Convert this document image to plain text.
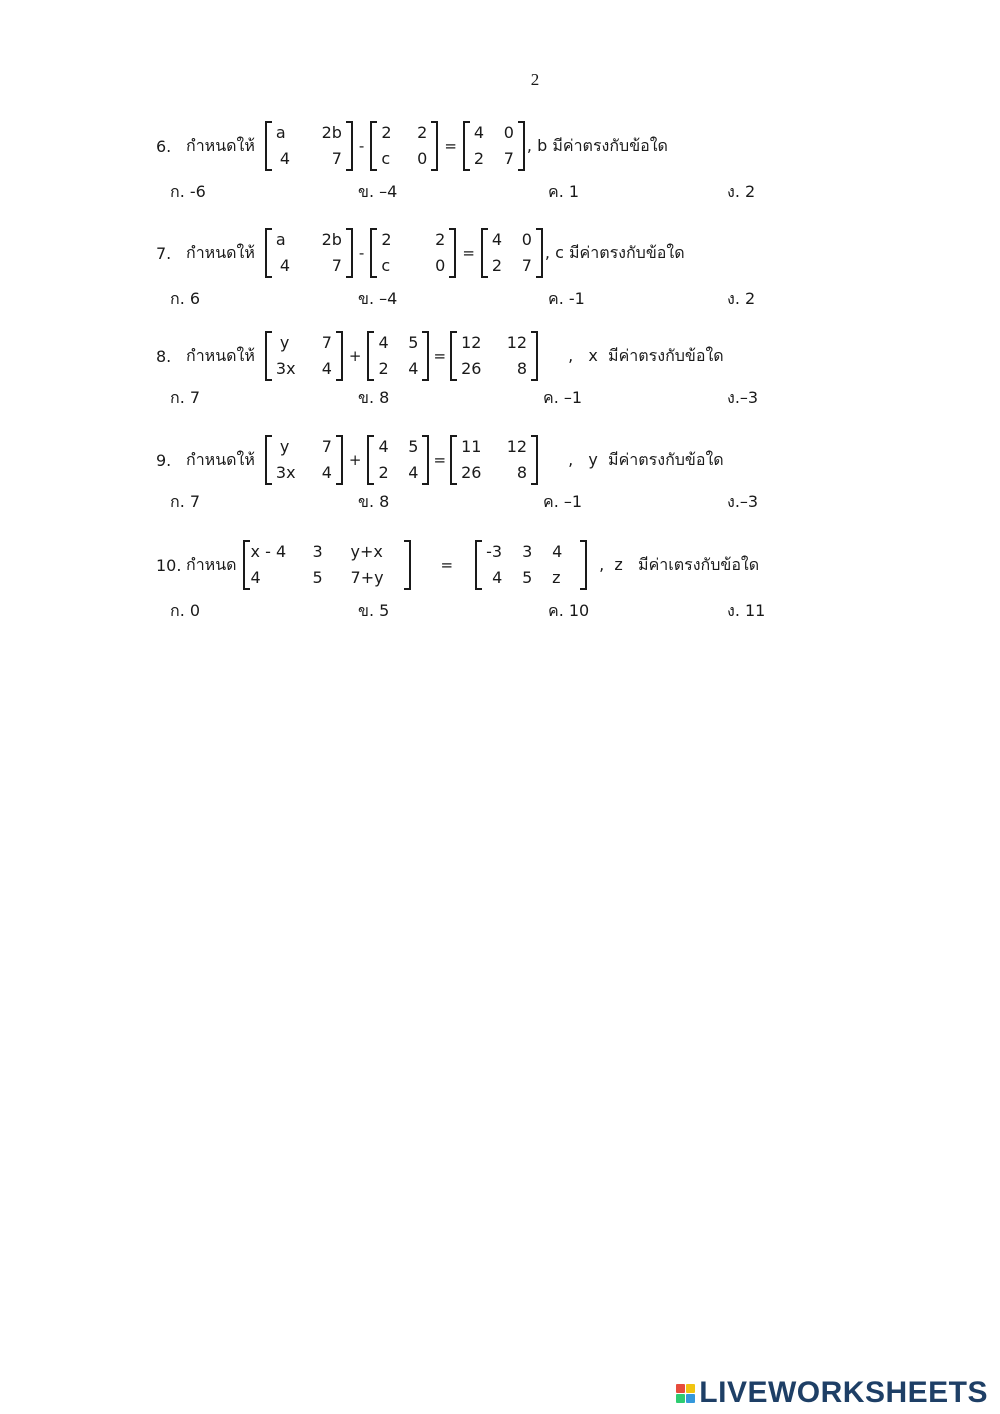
2
6. กำหนดให้
a	2b
4	7
-
2	2
c	0
=
4	0
2	7
, b มีค่าตรงกับข้อใด
ก. -6	ข. –4	ค. 1	ง. 2
7. กำหนดให้
a	2b
4	7
-
2	2
c	0
=
4	0
2	7
, c มีค่าตรงกับข้อใด
ก. 6	ข. –4	ค. -1	ง. 2
8. กำหนดให้
y	7
3x	4
+
4	5
2	4
=
12	12
26	8
,   x  มีค่าตรงกับข้อใด
ก. 7	ข. 8	ค. –1	ง.–3
9. กำหนดให้
y	7
3x	4
+
4	5
2	4
=
11	12
26	8
,   y  มีค่าตรงกับข้อใด
ก. 7	ข. 8	ค. –1	ง.–3
10. กำหนด
x - 4	3	y+x
4	5	7+y
=
-3	3	4
4	5	z
,  z   มีค่าเตรงกับข้อใด
ก. 0	ข. 5	ค. 10	ง. 11
LIVEWORKSHEETS
